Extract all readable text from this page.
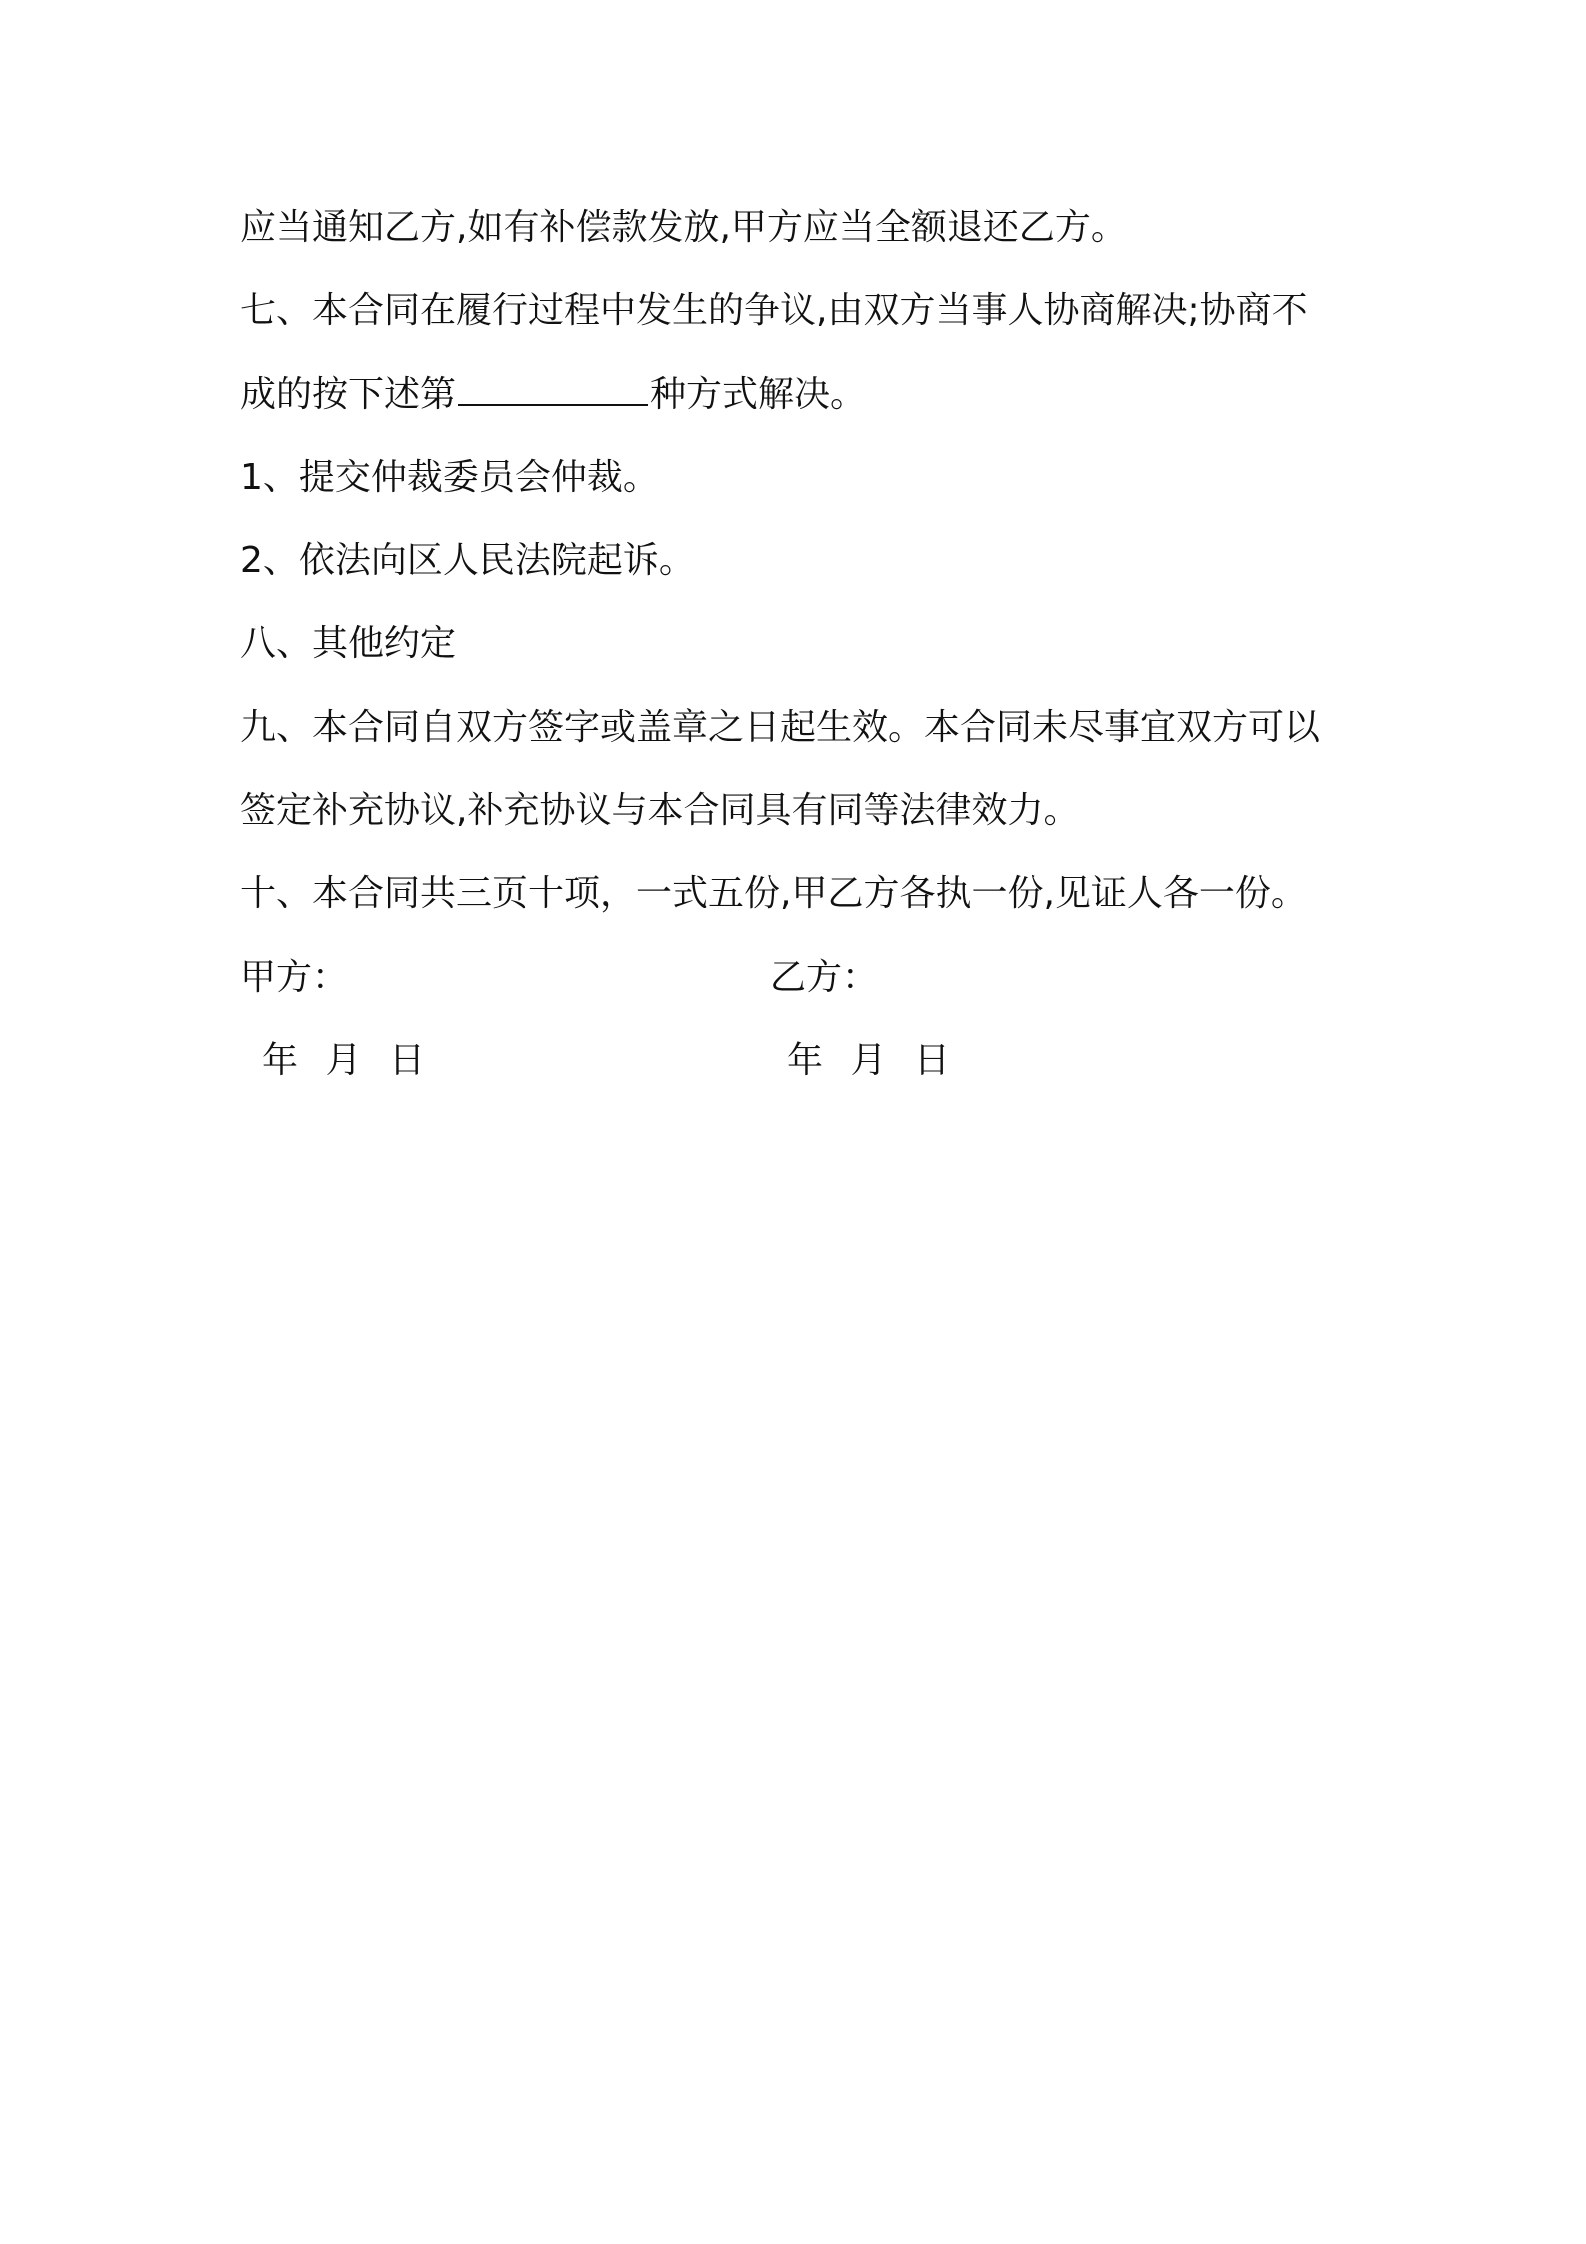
应当通知乙方,如有补偿款发放,甲方应当全额退还乙方。
七、本合同在履行过程中发生的争议,由双方当事人协商解决;协商不
成的按下述第	种方式解决。
1、提交仲裁委员会仲裁。
2、依法向区人民法院起诉。
八、其他约定
九、本合同自双方签字或盖章之日起生效。本合同未尽事宜双方可以
签定补充协议,补充协议与本合同具有同等法律效力。
十、本合同共三页十项，一式五份,甲乙方各执一份,见证人各一份。
甲方：	乙方：
年 月 日	年 月 日
